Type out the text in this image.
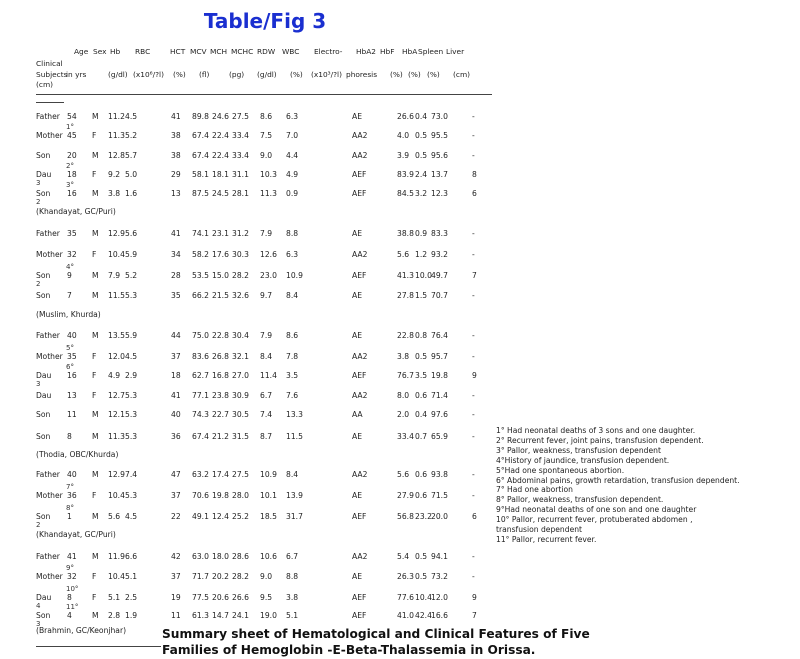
Table/Fig 3
Age Sex Hb RBC	HCT MCV MCH MCHC RDW WBC Electro- HbA2 HbF HbA Spleen Liver
Clinical
Subjects
in yrs	(g/dl) (x10⁶/?l) (%) (fl)	(pg) (g/dl) (%) (x10³/?l) phoresis (%) (%) (%) (cm)
(cm)
Father 54 M 11.2 4.5	41 89.8 24.6 27.5 8.6 6.3	AE	26.6 0.4 73.0	-
Mother 45 F 11.3 5.2	38 67.4 22.4 33.4 7.5 7.0	AA2	4.0 0.5 95.5	-
1°
Son 20 M 12.8 5.7	38 67.4 22.4 33.4 9.0 4.4	AA2	3.9 0.5 95.6	-
Dau 18 F 9.2 5.0	29 58.1 18.1 31.1 10.3 4.9	AEF	83.9 2.4 13.7	8
2°
3
Son 16 M 3.8 1.6	13 87.5 24.5 28.1 11.3 0.9	AEF	84.5 3.2 12.3	6
3°
2
(Khandayat, GC/Puri)
Father 35 M 12.9 5.6	41 74.1 23.1 31.2 7.9 8.8	AE	38.8 0.9 83.3	-
Mother 32 F 10.4 5.9	34 58.2 17.6 30.3 12.6 6.3	AA2	5.6 1.2 93.2	-
Son 9	M 7.9 5.2	28 53.5 15.0 28.2 23.0 10.9	AEF	41.3 10.0 49.7	7
4°
2
Son 7	M 11.5 5.3	35 66.2 21.5 32.6 9.7 8.4	AE	27.8 1.5 70.7	-
(Muslim, Khurda)
Father 40 M 13.5 5.9	44 75.0 22.8 30.4 7.9 8.6	AE	22.8 0.8 76.4	-
Mother 35 F 12.0 4.5	37 83.6 26.8 32.1 8.4 7.8	AA2	3.8 0.5 95.7	-
5°
Dau 16 F 4.9 2.9	18 62.7 16.8 27.0 11.4 3.5	AEF	76.7 3.5 19.8	9
6°
3
Dau 13 F 12.7 5.3	41 77.1 23.8 30.9 6.7 7.6	AA2	8.0 0.6 71.4	-
Son 11 M 12.1 5.3	40 74.3 22.7 30.5 7.4 13.3	AA	2.0 0.4 97.6	-
Son 8	M 11.3 5.3	36 67.4 21.2 31.5 8.7 11.5	AE	33.4 0.7 65.9	-
(Thodia, OBC/Khurda)
Father 40 M 12.9 7.4	47 63.2 17.4 27.5 10.9 8.4	AA2	5.6 0.6 93.8	-
Mother 36 F 10.4 5.3	37 70.6 19.8 28.0 10.1 13.9	AE	27.9 0.6 71.5	-
7°
Son 1	M 5.6 4.5	22 49.1 12.4 25.2 18.5 31.7	AEF	56.8 23.2 20.0	6
8°
2
(Khandayat, GC/Puri)
Father 41 M 11.9 6.6	42 63.0 18.0 28.6 10.6 6.7	AA2	5.4 0.5 94.1	-
Mother 32 F 10.4 5.1	37 71.7 20.2 28.2 9.0 8.8	AE	26.3 0.5 73.2	-
9°
Dau 8	F 5.1 2.5	19 77.5 20.6 26.6 9.5 3.8	AEF	77.6 10.4 12.0	9
10°
4
Son 4	M 2.8 1.9	11 61.3 14.7 24.1 19.0 5.1	AEF	41.0 42.4 16.6	7
11°
3
(Brahmin, GC/Keonjhar)
1° Had neonatal deaths of 3 sons and one daughter.
2° Recurrent fever, joint pains, transfusion dependent.
3° Pallor, weakness, transfusion dependent
4°History of jaundice, transfusion dependent.
5°Had one spontaneous abortion.
6° Abdominal pains, growth retardation, transfusion dependent.
7° Had one abortion
8° Pallor, weakness, transfusion dependent.
9°Had neonatal deaths of one son and one daughter
10° Pallor, recurrent fever, protuberated abdomen ,
transfusion dependent
11° Pallor, recurrent fever.
Summary sheet of Hematological and Clinical Features of Five
Families of Hemoglobin -E-Beta-Thalassemia in Orissa.
